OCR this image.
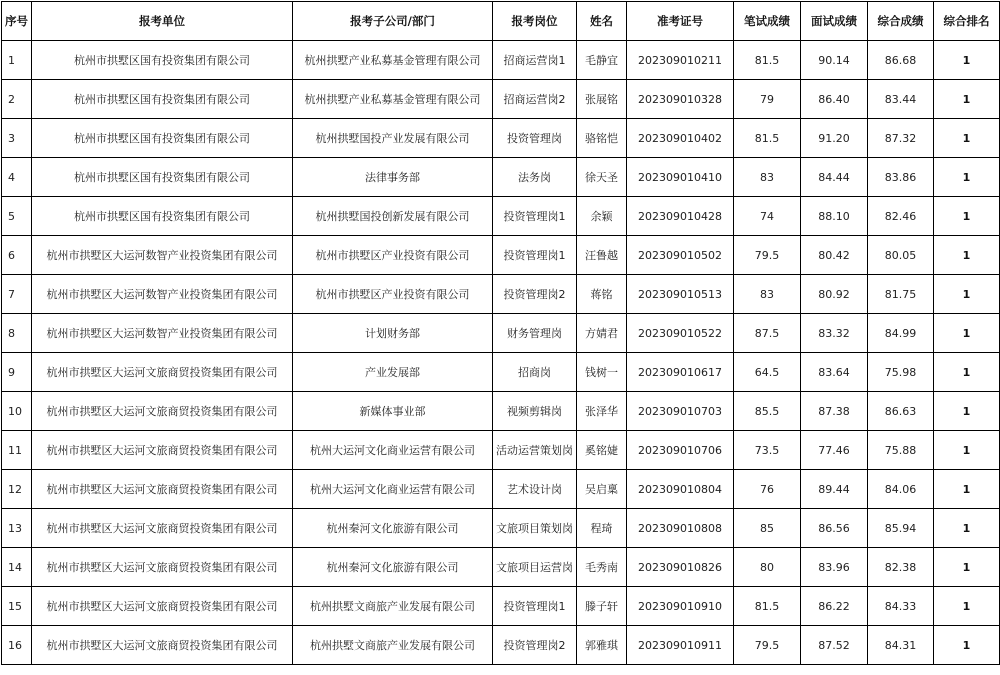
序号	报考单位	报考子公司/部门	报考岗位	姓名	准考证号	笔试成绩	面试成绩	综合成绩	综合排名
1	杭州市拱墅区国有投资集团有限公司	杭州拱墅产业私募基金管理有限公司	招商运营岗1	毛静宜	202309010211	81.5	90.14	86.68	1
2	杭州市拱墅区国有投资集团有限公司	杭州拱墅产业私募基金管理有限公司	招商运营岗2	张展铭	202309010328	79	86.40	83.44	1
3	杭州市拱墅区国有投资集团有限公司	杭州拱墅国投产业发展有限公司	投资管理岗	骆铭恺	202309010402	81.5	91.20	87.32	1
4	杭州市拱墅区国有投资集团有限公司	法律事务部	法务岗	徐天圣	202309010410	83	84.44	83.86	1
5	杭州市拱墅区国有投资集团有限公司	杭州拱墅国投创新发展有限公司	投资管理岗1	余颖	202309010428	74	88.10	82.46	1
6	杭州市拱墅区大运河数智产业投资集团有限公司	杭州市拱墅区产业投资有限公司	投资管理岗1	汪鲁越	202309010502	79.5	80.42	80.05	1
7	杭州市拱墅区大运河数智产业投资集团有限公司	杭州市拱墅区产业投资有限公司	投资管理岗2	蒋铭	202309010513	83	80.92	81.75	1
8	杭州市拱墅区大运河数智产业投资集团有限公司	计划财务部	财务管理岗	方婧君	202309010522	87.5	83.32	84.99	1
9	杭州市拱墅区大运河文旅商贸投资集团有限公司	产业发展部	招商岗	钱树一	202309010617	64.5	83.64	75.98	1
10	杭州市拱墅区大运河文旅商贸投资集团有限公司	新媒体事业部	视频剪辑岗	张泽华	202309010703	85.5	87.38	86.63	1
11	杭州市拱墅区大运河文旅商贸投资集团有限公司	杭州大运河文化商业运营有限公司	活动运营策划岗	奚铭婕	202309010706	73.5	77.46	75.88	1
12	杭州市拱墅区大运河文旅商贸投资集团有限公司	杭州大运河文化商业运营有限公司	艺术设计岗	吴启稟	202309010804	76	89.44	84.06	1
13	杭州市拱墅区大运河文旅商贸投资集团有限公司	杭州秦河文化旅游有限公司	文旅项目策划岗	程琦	202309010808	85	86.56	85.94	1
14	杭州市拱墅区大运河文旅商贸投资集团有限公司	杭州秦河文化旅游有限公司	文旅项目运营岗	毛秀南	202309010826	80	83.96	82.38	1
15	杭州市拱墅区大运河文旅商贸投资集团有限公司	杭州拱墅文商旅产业发展有限公司	投资管理岗1	滕子轩	202309010910	81.5	86.22	84.33	1
16	杭州市拱墅区大运河文旅商贸投资集团有限公司	杭州拱墅文商旅产业发展有限公司	投资管理岗2	郭雅琪	202309010911	79.5	87.52	84.31	1
